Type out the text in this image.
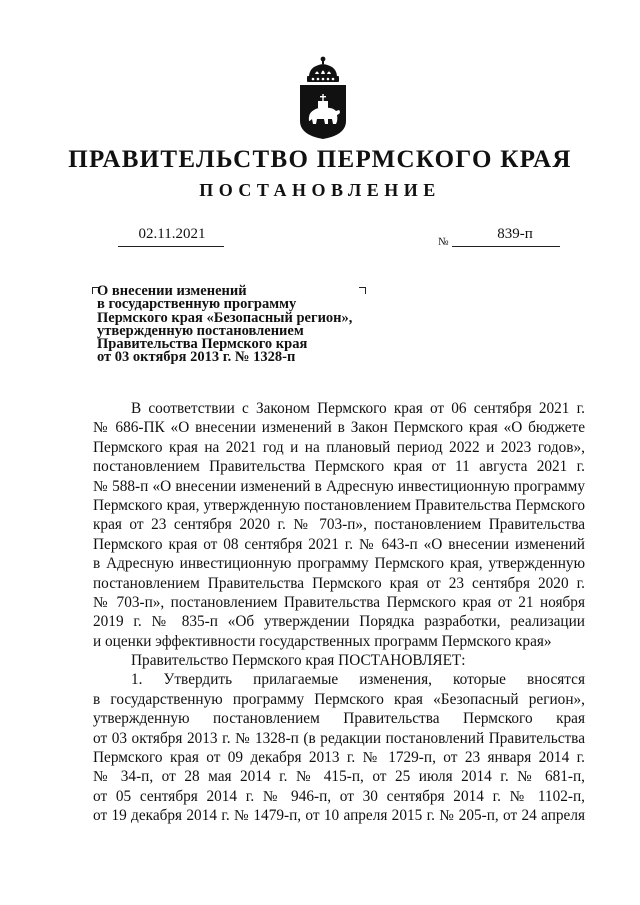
ПРАВИТЕЛЬСТВО ПЕРМСКОГО КРАЯ
ПОСТАНОВЛЕНИЕ
02.11.2021	№	839-п
О внесении изменений
в государственную программу
Пермского края «Безопасный регион»,
утвержденную постановлением
Правительства Пермского края
от 03 октября 2013 г. № 1328-п
В соответствии с Законом Пермского края от 06 сентября 2021 г.
№ 686-ПК «О внесении изменений в Закон Пермского края «О бюджете
Пермского края на 2021 год и на плановый период 2022 и 2023 годов»,
постановлением Правительства Пермского края от 11 августа 2021 г.
№ 588-п «О внесении изменений в Адресную инвестиционную программу
Пермского края, утвержденную постановлением Правительства Пермского
края от 23 сентября 2020 г. № 703-п», постановлением Правительства
Пермского края от 08 сентября 2021 г. № 643-п «О внесении изменений
в Адресную инвестиционную программу Пермского края, утвержденную
постановлением Правительства Пермского края от 23 сентября 2020 г.
№ 703-п», постановлением Правительства Пермского края от 21 ноября
2019 г. № 835-п «Об утверждении Порядка разработки, реализации
и оценки эффективности государственных программ Пермского края»
Правительство Пермского края ПОСТАНОВЛЯЕТ:
1. Утвердить прилагаемые изменения, которые вносятся
в государственную программу Пермского края «Безопасный регион»,
утвержденную постановлением Правительства Пермского края
от 03 октября 2013 г. № 1328-п (в редакции постановлений Правительства
Пермского края от 09 декабря 2013 г. № 1729-п, от 23 января 2014 г.
№ 34-п, от 28 мая 2014 г. № 415-п, от 25 июля 2014 г. № 681-п,
от 05 сентября 2014 г. № 946-п, от 30 сентября 2014 г. № 1102-п,
от 19 декабря 2014 г. № 1479-п, от 10 апреля 2015 г. № 205-п, от 24 апреля
